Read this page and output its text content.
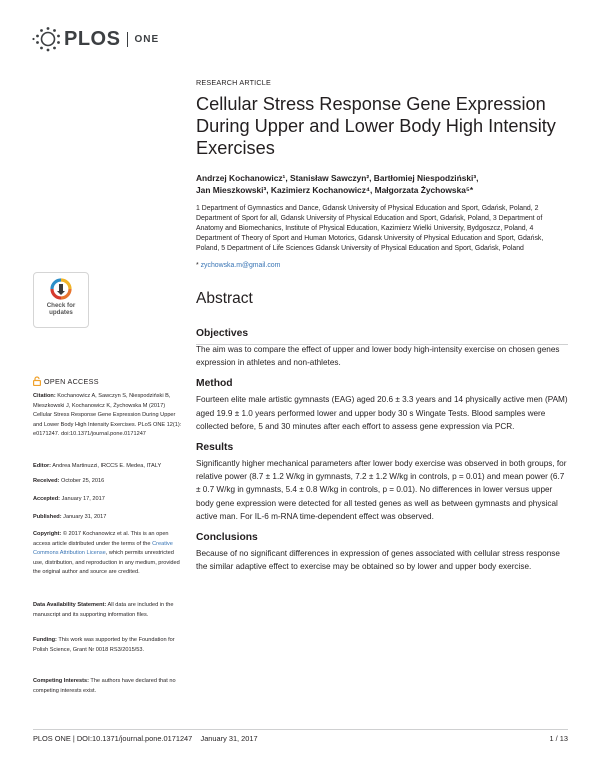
PLOS ONE
RESEARCH ARTICLE
Cellular Stress Response Gene Expression During Upper and Lower Body High Intensity Exercises
Andrzej Kochanowicz¹, Stanisław Sawczyn², Bartłomiej Niespodziński³,
Jan Mieszkowski³, Kazimierz Kochanowicz⁴, Małgorzata Żychowska⁵*
1 Department of Gymnastics and Dance, Gdansk University of Physical Education and Sport, Gdańsk, Poland, 2 Department of Sport for all, Gdansk University of Physical Education and Sport, Gdańsk, Poland, 3 Department of Anatomy and Biomechanics, Institute of Physical Education, Kazimierz Wielki University, Bydgoszcz, Poland, 4 Department of Theory of Sport and Human Motorics, Gdansk University of Physical Education and Sport, Gdańsk, Poland, 5 Department of Life Sciences Gdansk University of Physical Education and Sport, Gdańsk, Poland
* zychowska.m@gmail.com
Abstract
Objectives
The aim was to compare the effect of upper and lower body high-intensity exercise on chosen genes expression in athletes and non-athletes.
Method
Fourteen elite male artistic gymnasts (EAG) aged 20.6 ± 3.3 years and 14 physically active men (PAM) aged 19.9 ± 1.0 years performed lower and upper body 30 s Wingate Tests. Blood samples were collected before, 5 and 30 minutes after each effort to assess gene expression via PCR.
Results
Significantly higher mechanical parameters after lower body exercise was observed in both groups, for relative power (8.7 ± 1.2 W/kg in gymnasts, 7.2 ± 1.2 W/kg in controls, p = 0.01) and mean power (6.7 ± 0.7 W/kg in gymnasts, 5.4 ± 0.8 W/kg in controls, p = 0.01). No differences in lower versus upper body gene expression were detected for all tested genes as well as between gymnasts and physical active man. For IL-6 m-RNA time-dependent effect was observed.
Conclusions
Because of no significant differences in expression of genes associated with cellular stress response the similar adaptive effect to exercise may be obtained so by lower and upper body exercise.
Check for
updates
OPEN ACCESS
Citation: Kochanowicz A, Sawczyn S, Niespodziński B, Mieszkowski J, Kochanowicz K, Żychowska M (2017) Cellular Stress Response Gene Expression During Upper and Lower Body High Intensity Exercises. PLoS ONE 12(1): e0171247. doi:10.1371/journal.pone.0171247
Editor: Andrea Martinuzzi, IRCCS E. Medea, ITALY
Received: October 25, 2016
Accepted: January 17, 2017
Published: January 31, 2017
Copyright: © 2017 Kochanowicz et al. This is an open access article distributed under the terms of the Creative Commons Attribution License, which permits unrestricted use, distribution, and reproduction in any medium, provided the original author and source are credited.
Data Availability Statement: All data are included in the manuscript and its supporting information files.
Funding: This work was supported by the Foundation for Polish Science, Grant Nr 0018 RS3/2015/53.
Competing Interests: The authors have declared that no competing interests exist.
PLOS ONE | DOI:10.1371/journal.pone.0171247    January 31, 2017	1 / 13
